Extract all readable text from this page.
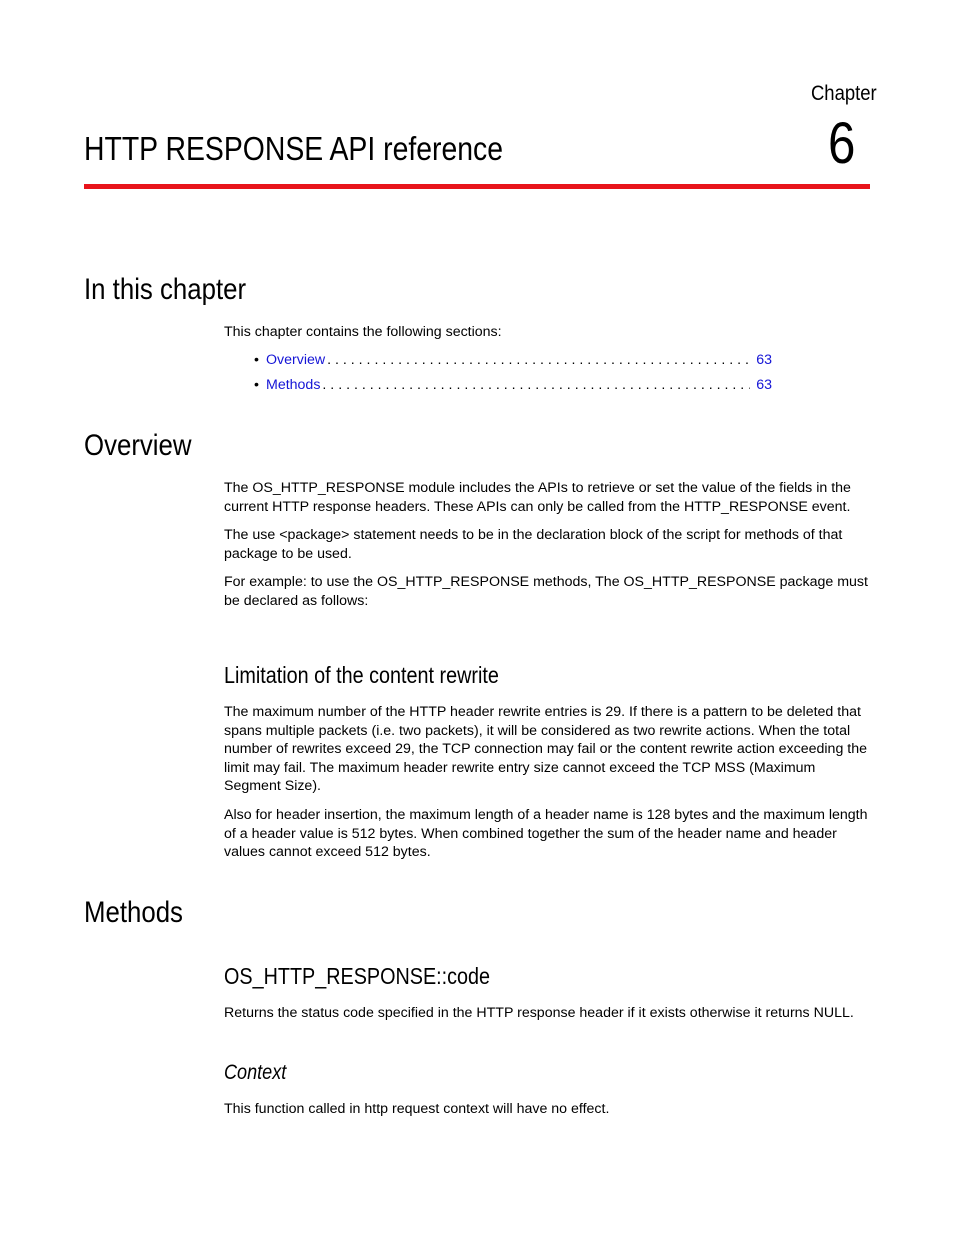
Chapter
6
HTTP RESPONSE API reference
In this chapter

This chapter contains the following sections:

• Overview . . .	63
• Methods . . .	63
Overview

The OS_HTTP_RESPONSE module includes the APIs to retrieve or set the value of the fields in the current HTTP response headers. These APIs can only be called from the HTTP_RESPONSE event.

The use <package> statement needs to be in the declaration block of the script for methods of that package to be used.

For example: to use the OS_HTTP_RESPONSE methods, The OS_HTTP_RESPONSE package must be declared as follows:

Limitation of the content rewrite

The maximum number of the HTTP header rewrite entries is 29. If there is a pattern to be deleted that spans multiple packets (i.e. two packets), it will be considered as two rewrite actions. When the total number of rewrites exceed 29, the TCP connection may fail or the content rewrite action exceeding the limit may fail. The maximum header rewrite entry size cannot exceed the TCP MSS (Maximum Segment Size).

Also for header insertion, the maximum length of a header name is 128 bytes and the maximum length of a header value is 512 bytes. When combined together the sum of the header name and header values cannot exceed 512 bytes.

Methods
OS_HTTP_RESPONSE::code

Returns the status code specified in the HTTP response header if it exists otherwise it returns NULL.

Context

This function called in http request context will have no effect.
